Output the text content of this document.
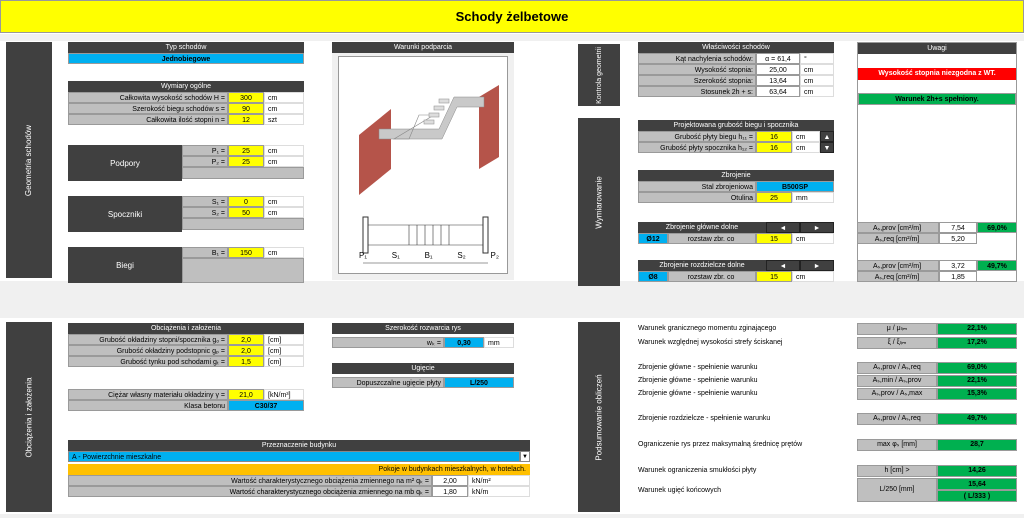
Schody żelbetowe
Geometria schodów
Obciążenia i założenia
Kontrola geometrii
Wymiarowanie
Podsumowanie obliczeń
Typ schodów
Jednobiegowe
Wymiary ogólne
Całkowita wysokość schodów H =	300	cm
Szerokość biegu schodów s =	90	cm
Całkowita ilość stopni n =	12	szt
Podpory
P₁ =	25	cm
P₂ =	25	cm
Spoczniki
S₁ =	0	cm
S₂ =	50	cm
Biegi
B₁ =	150	cm
Warunki podparcia
P₁	S₁	B₁	S₂	P₂
Właściwości schodów
Kąt nachylenia schodów:	α = 61,4	°
Wysokość stopnia:	25,00	cm
Szerokość stopnia:	13,64	cm
Stosunek 2h + s:	63,64	cm
Uwagi
Wysokość stopnia niezgodna z WT.
Warunek 2h+s spełniony.
Projektowana grubość biegu i spocznika
Grubość płyty biegu h₁₁ =	16	cm	▲
Grubość płyty spocznika h₁₂ =	16	cm	▼
Zbrojenie
Stal zbrojeniowa	B500SP
Otulina	25	mm
Zbrojenie główne dolne	◄	►
Ø12	rozstaw zbr. co	15	cm
Aₛ,prov [cm²/m]	7,54	69,0%
Aₛ,req [cm²/m]	5,20
Zbrojenie rozdzielcze dolne	◄	►
Ø8	rozstaw zbr. co	15	cm
Aₛ,prov [cm²/m]	3,72	49,7%
Aₛ,req [cm²/m]	1,85
Obciążenia i założenia
Grubość okładziny stopni/spocznika gₒ =	2,0	[cm]
Grubość okładziny podstopnic gₚ =	2,0	[cm]
Grubość tynku pod schodami gₜ =	1,5	[cm]
Ciężar własny materiału okładziny γ =	21,0	[kN/m³]
Klasa betonu	C30/37
Szerokość rozwarcia rys
wₖ =	0,30	mm
Ugięcie
Dopuszczalne ugięcie płyty	L/250
Przeznaczenie budynku
A - Powierzchnie mieszkalne	▼
Pokoje w budynkach mieszkalnych, w hotelach.
Wartość charakterystycznego obciążenia zmiennego na m² qₖ =	2,00	kN/m²
Wartość charakterystycznego obciążenia zmiennego na mb qₖ =	1,80	kN/m
Warunek granicznego momentu zginającego	μ / μₗᵢₘ	22,1%
Warunek względnej wysokości strefy ściskanej	ξ / ξₗᵢₘ	17,2%
Zbrojenie główne - spełnienie warunku	Aₛ,prov / Aₛ,req	69,0%
Zbrojenie główne - spełnienie warunku	Aₛ,min / Aₛ,prov	22,1%
Zbrojenie główne - spełnienie warunku	Aₛ,prov / Aₛ,max	15,3%
Zbrojenie rozdzielcze - spełnienie warunku	Aₛ,prov / Aₛ,req	49,7%
Ograniczenie rys przez maksymalną średnicę prętów	max φₛ [mm]	28,7
Warunek ograniczenia smukłości płyty	h [cm] >	14,26
Warunek ugięć końcowych	L/250 [mm]
15,64
( L/333 )
